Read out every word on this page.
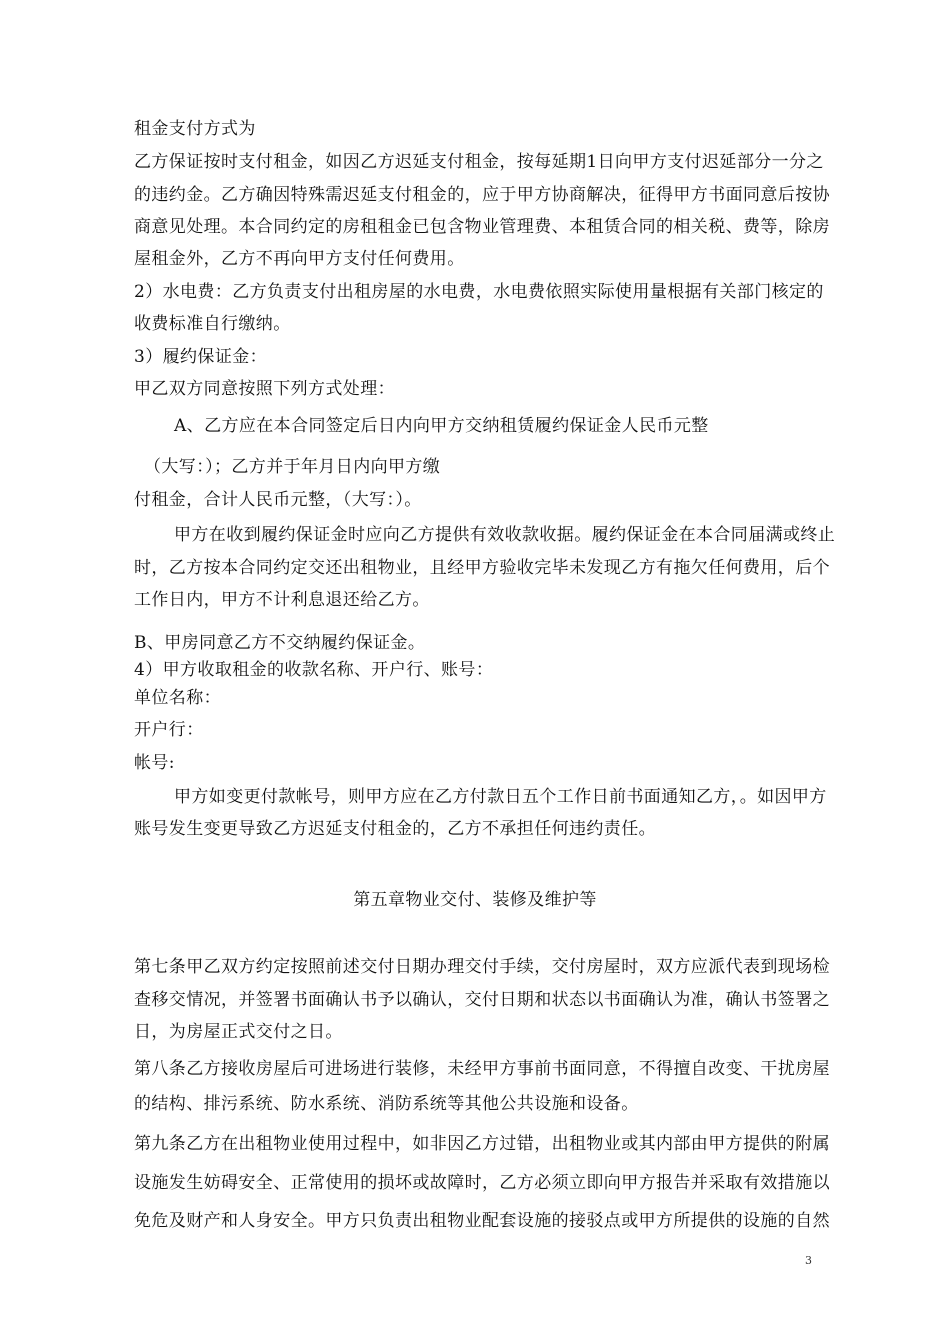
租金支付方式为
乙方保证按时支付租金，如因乙方迟延支付租金，按每延期1日向甲方支付迟延部分一分之
的违约金。乙方确因特殊需迟延支付租金的，应于甲方协商解决，征得甲方书面同意后按协
商意见处理。本合同约定的房租租金已包含物业管理费、本租赁合同的相关税、费等，除房
屋租金外，乙方不再向甲方支付任何费用。
2）水电费：乙方负责支付出租房屋的水电费，水电费依照实际使用量根据有关部门核定的
收费标准自行缴纳。
3）履约保证金：
甲乙双方同意按照下列方式处理：
A、乙方应在本合同签定后日内向甲方交纳租赁履约保证金人民币元整
（大写：）；乙方并于年月日内向甲方缴
付租金，合计人民币元整，（大写：）。
甲方在收到履约保证金时应向乙方提供有效收款收据。履约保证金在本合同届满或终止
时，乙方按本合同约定交还出租物业，且经甲方验收完毕未发现乙方有拖欠任何费用，后个
工作日内，甲方不计利息退还给乙方。
B、甲房同意乙方不交纳履约保证金。
4）甲方收取租金的收款名称、开户行、账号：
单位名称：
开户行：
帐号:
甲方如变更付款帐号，则甲方应在乙方付款日五个工作日前书面通知乙方，。如因甲方
账号发生变更导致乙方迟延支付租金的，乙方不承担任何违约责任。
第五章物业交付、装修及维护等
第七条甲乙双方约定按照前述交付日期办理交付手续，交付房屋时，双方应派代表到现场检
查移交情况，并签署书面确认书予以确认，交付日期和状态以书面确认为准，确认书签署之
日，为房屋正式交付之日。
第八条乙方接收房屋后可进场进行装修，未经甲方事前书面同意，不得擅自改变、干扰房屋
的结构、排污系统、防水系统、消防系统等其他公共设施和设备。
第九条乙方在出租物业使用过程中，如非因乙方过错，出租物业或其内部由甲方提供的附属
设施发生妨碍安全、正常使用的损坏或故障时，乙方必须立即向甲方报告并采取有效措施以
免危及财产和人身安全。甲方只负责出租物业配套设施的接驳点或甲方所提供的设施的自然
3
